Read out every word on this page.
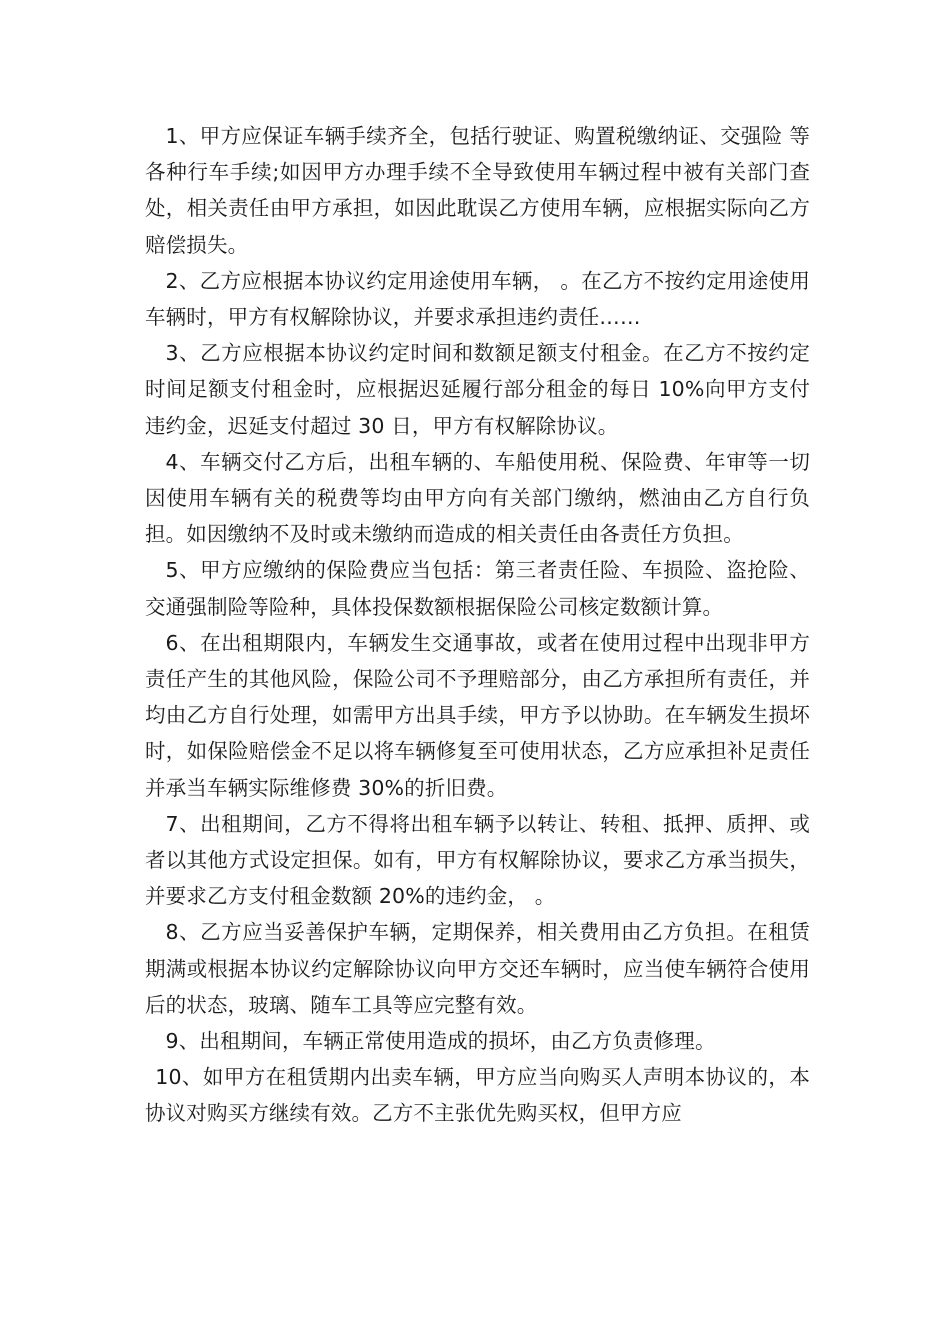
1、甲方应保证车辆手续齐全，包括行驶证、购置税缴纳证、交强险 等各种行车手续;如因甲方办理手续不全导致使用车辆过程中被有关部门查处，相关责任由甲方承担，如因此耽误乙方使用车辆，应根据实际向乙方赔偿损失。

2、乙方应根据本协议约定用途使用车辆， 。在乙方不按约定用途使用车辆时，甲方有权解除协议，并要求承担违约责任……

3、乙方应根据本协议约定时间和数额足额支付租金。在乙方不按约定时间足额支付租金时，应根据迟延履行部分租金的每日 10%向甲方支付违约金，迟延支付超过 30 日，甲方有权解除协议。

4、车辆交付乙方后，出租车辆的、车船使用税、保险费、年审等一切因使用车辆有关的税费等均由甲方向有关部门缴纳，燃油由乙方自行负担。如因缴纳不及时或未缴纳而造成的相关责任由各责任方负担。

5、甲方应缴纳的保险费应当包括：第三者责任险、车损险、盗抢险、交通强制险等险种，具体投保数额根据保险公司核定数额计算。

6、在出租期限内，车辆发生交通事故，或者在使用过程中出现非甲方责任产生的其他风险，保险公司不予理赔部分，由乙方承担所有责任，并均由乙方自行处理，如需甲方出具手续，甲方予以协助。在车辆发生损坏时，如保险赔偿金不足以将车辆修复至可使用状态，乙方应承担补足责任并承当车辆实际维修费 30%的折旧费。

7、出租期间，乙方不得将出租车辆予以转让、转租、抵押、质押、或者以其他方式设定担保。如有，甲方有权解除协议，要求乙方承当损失，并要求乙方支付租金数额 20%的违约金， 。

8、乙方应当妥善保护车辆，定期保养，相关费用由乙方负担。在租赁期满或根据本协议约定解除协议向甲方交还车辆时，应当使车辆符合使用后的状态，玻璃、随车工具等应完整有效。

9、出租期间，车辆正常使用造成的损坏，由乙方负责修理。

10、如甲方在租赁期内出卖车辆，甲方应当向购买人声明本协议的，本协议对购买方继续有效。乙方不主张优先购买权，但甲方应
